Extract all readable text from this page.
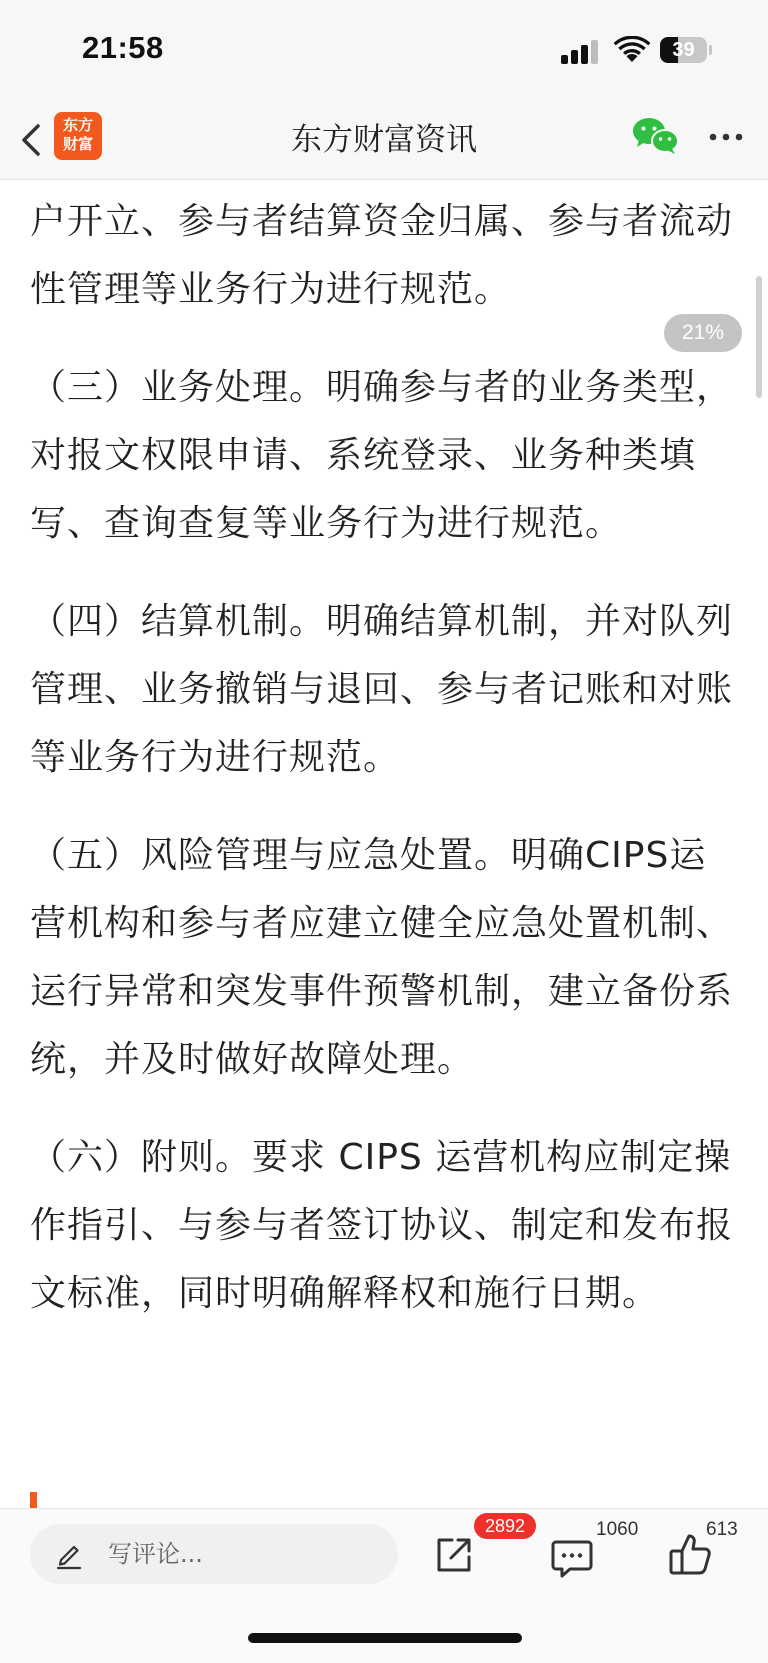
21:58	39
东方
财富	东方财富资讯

户开立、参与者结算资金归属、参与者流动性管理等业务行为进行规范。

（三）业务处理。明确参与者的业务类型，对报文权限申请、系统登录、业务种类填写、查询查复等业务行为进行规范。

（四）结算机制。明确结算机制，并对队列管理、业务撤销与退回、参与者记账和对账等业务行为进行规范。

（五）风险管理与应急处置。明确CIPS运营机构和参与者应建立健全应急处置机制、运行异常和突发事件预警机制，建立备份系统，并及时做好故障处理。

（六）附则。要求 CIPS 运营机构应制定操作指引、与参与者签订协议、制定和发布报文标准，同时明确解释权和施行日期。

21%
写评论...
2892	1060	613
